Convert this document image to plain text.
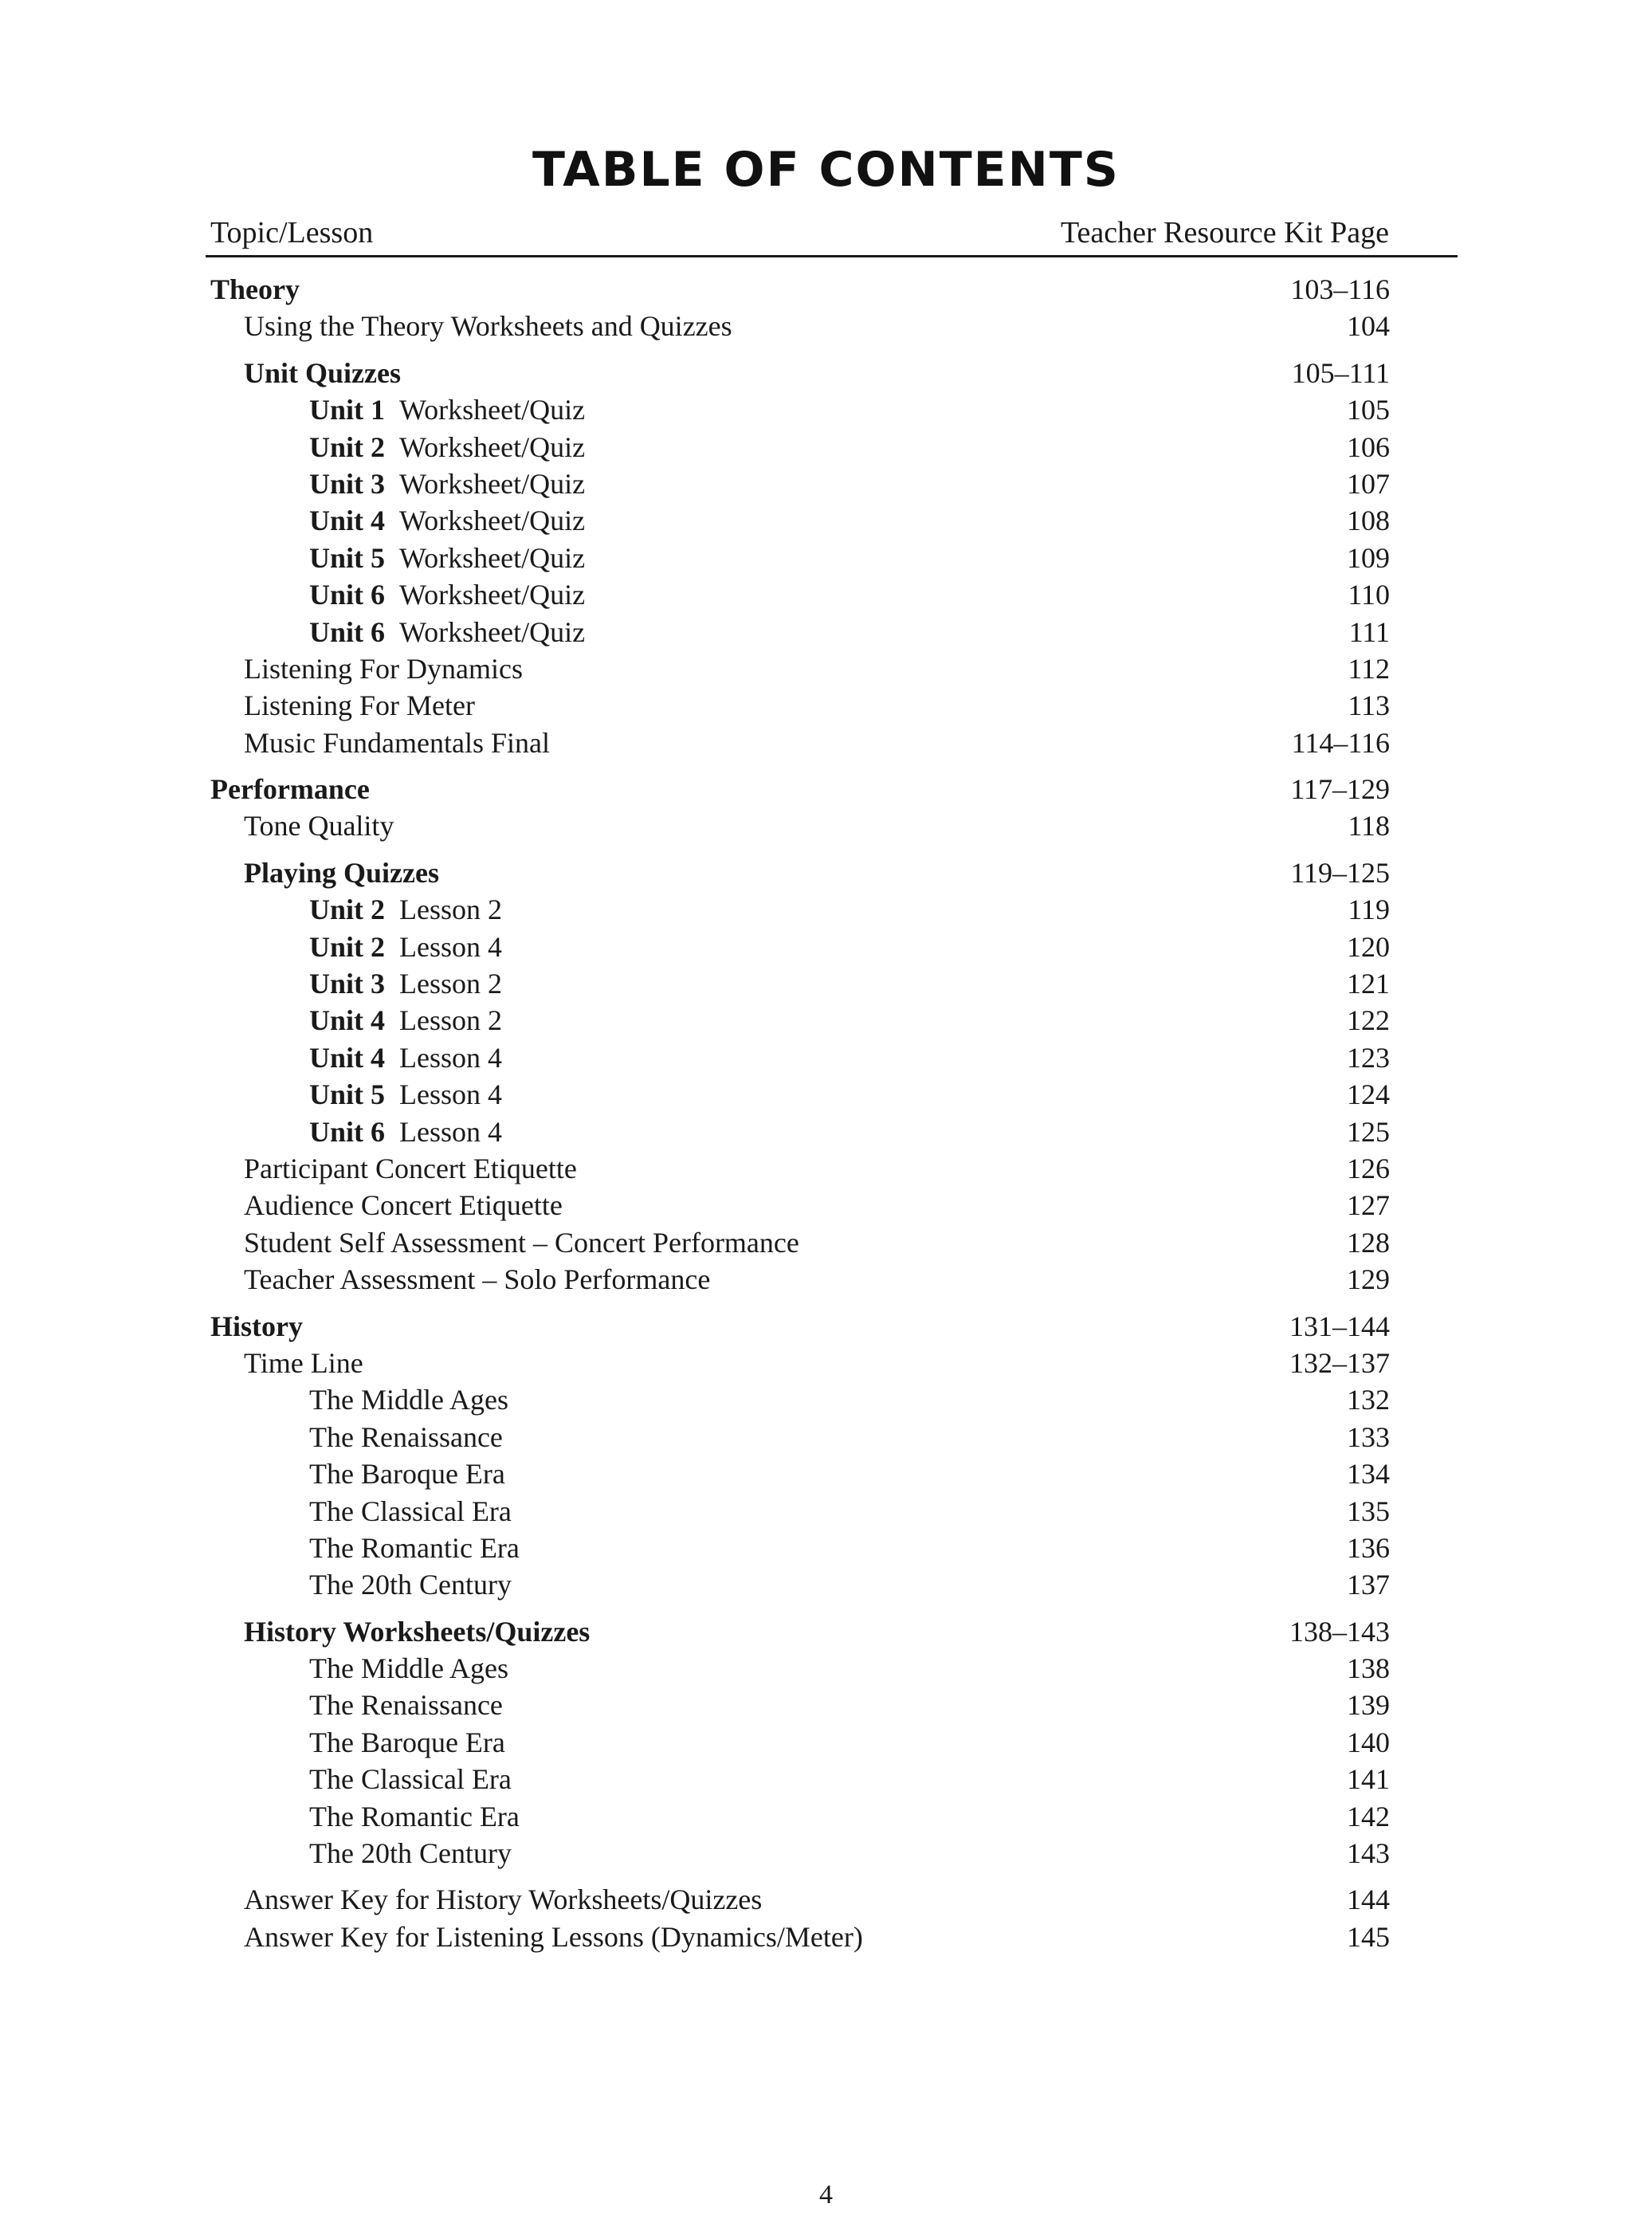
TABLE OF CONTENTS
Topic/Lesson	Teacher Resource Kit Page
Theory	103–116
Using the Theory Worksheets and Quizzes	104
Unit Quizzes	105–111
Unit 1 Worksheet/Quiz	105
Unit 2 Worksheet/Quiz	106
Unit 3 Worksheet/Quiz	107
Unit 4 Worksheet/Quiz	108
Unit 5 Worksheet/Quiz	109
Unit 6 Worksheet/Quiz	110
Unit 6 Worksheet/Quiz	111
Listening For Dynamics	112
Listening For Meter	113
Music Fundamentals Final	114–116
Performance	117–129
Tone Quality	118
Playing Quizzes	119–125
Unit 2 Lesson 2	119
Unit 2 Lesson 4	120
Unit 3 Lesson 2	121
Unit 4 Lesson 2	122
Unit 4 Lesson 4	123
Unit 5 Lesson 4	124
Unit 6 Lesson 4	125
Participant Concert Etiquette	126
Audience Concert Etiquette	127
Student Self Assessment – Concert Performance	128
Teacher Assessment – Solo Performance	129
History	131–144
Time Line	132–137
The Middle Ages	132
The Renaissance	133
The Baroque Era	134
The Classical Era	135
The Romantic Era	136
The 20th Century	137
History Worksheets/Quizzes	138–143
The Middle Ages	138
The Renaissance	139
The Baroque Era	140
The Classical Era	141
The Romantic Era	142
The 20th Century	143
Answer Key for History Worksheets/Quizzes	144
Answer Key for Listening Lessons (Dynamics/Meter)	145
4
